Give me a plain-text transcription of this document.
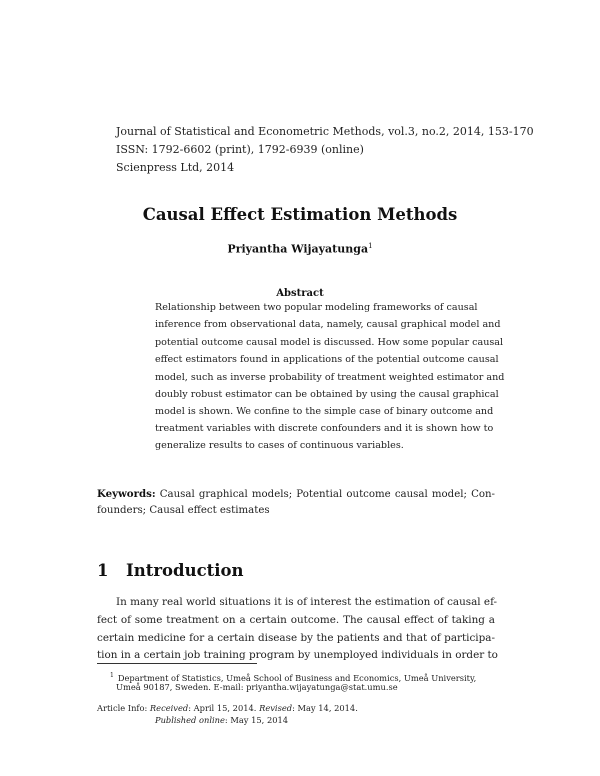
Journal of Statistical and Econometric Methods, vol.3, no.2, 2014, 153-170
ISSN: 1792-6602 (print), 1792-6939 (online)
Scienpress Ltd, 2014
Causal Effect Estimation Methods
Priyantha Wijayatunga$^1$
Abstract
Relationship between two popular modeling frameworks of causal
inference from observational data, namely, causal graphical model and
potential outcome causal model is discussed. How some popular causal
effect estimators found in applications of the potential outcome causal
model, such as inverse probability of treatment weighted estimator and
doubly robust estimator can be obtained by using the causal graphical
model is shown. We confine to the simple case of binary outcome and
treatment variables with discrete confounders and it is shown how to
generalize results to cases of continuous variables.
Keywords: Causal graphical models; Potential outcome causal model; Con-
founders; Causal effect estimates
1 Introduction
In many real world situations it is of interest the estimation of causal ef-
fect of some treatment on a certain outcome. The causal effect of taking a
certain medicine for a certain disease by the patients and that of participa-
tion in a certain job training program by unemployed individuals in order to
$^1$ Department of Statistics, Umeå School of Business and Economics, Umeå University,
Umeå 90187, Sweden. E-mail: priyantha.wijayatunga@stat.umu.se
Article Info: Received: April 15, 2014. Revised: May 14, 2014.
Published online: May 15, 2014
